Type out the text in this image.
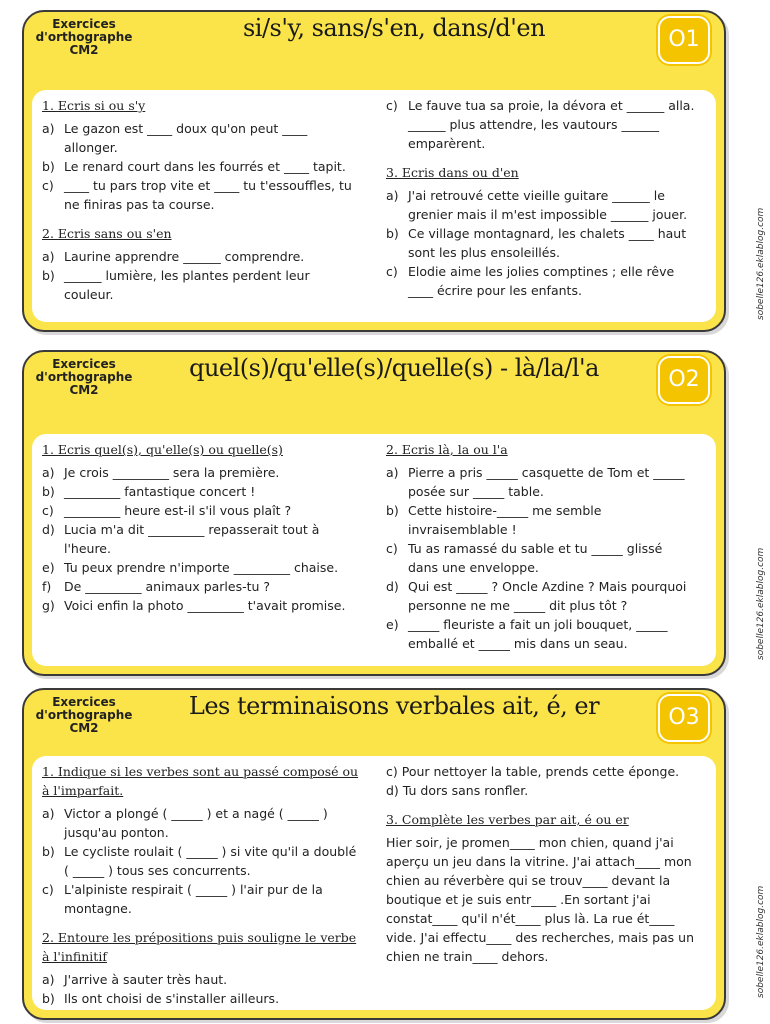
Exercices
d'orthographe
CM2
si/s'y, sans/s'en, dans/d'en	O1
1. Ecris si ou s'y
a) Le gazon est ____ doux qu'on peut ____ allonger.
b) Le renard court dans les fourrés et ____ tapit.
c) ____ tu pars trop vite et ____ tu t'essouffles, tu ne finiras pas ta course.
2. Ecris sans ou s'en
a) Laurine apprendre ______ comprendre.
b) ______ lumière, les plantes perdent leur couleur.
c) Le fauve tua sa proie, la dévora et ______ alla. ______ plus attendre, les vautours ______ emparèrent.
3. Ecris dans ou d'en
a) J'ai retrouvé cette vieille guitare ______ le grenier mais il m'est impossible ______ jouer.
b) Ce village montagnard, les chalets ____ haut sont les plus ensoleillés.
c) Elodie aime les jolies comptines ; elle rêve ____ écrire pour les enfants.	sobelle126.eklablog.com
Exercices
d'orthographe
CM2
quel(s)/qu'elle(s)/quelle(s) - là/la/l'a	O2
1. Ecris quel(s), qu'elle(s) ou quelle(s)
a) Je crois _________ sera la première.
b) _________ fantastique concert !
c) _________ heure est-il s'il vous plaît ?
d) Lucia m'a dit _________ repasserait tout à l'heure.
e) Tu peux prendre n'importe _________ chaise.
f)	De _________ animaux parles-tu ?
g) Voici enfin la photo _________ t'avait promise.
2. Ecris là, la ou l'a
a) Pierre a pris _____ casquette de Tom et _____ posée sur _____ table.
b) Cette histoire-_____ me semble invraisemblable !
c) Tu as ramassé du sable et tu _____ glissé dans une enveloppe.
d) Qui est _____ ? Oncle Azdine ? Mais pourquoi personne ne me _____ dit plus tôt ?
e) _____ fleuriste a fait un joli bouquet, _____ emballé et _____ mis dans un seau.	sobelle126.eklablog.com
Exercices
d'orthographe
CM2
Les terminaisons verbales ait, é, er	O3
1. Indique si les verbes sont au passé composé ou à l'imparfait.
a) Victor a plongé ( _____ ) et a nagé ( _____ ) jusqu'au ponton.
b) Le cycliste roulait ( _____ ) si vite qu'il a doublé ( _____ ) tous ses concurrents.
c) L'alpiniste respirait ( _____ ) l'air pur de la montagne.
2. Entoure les prépositions puis souligne le verbe à l'infinitif
a) J'arrive à sauter très haut.
b) Ils ont choisi de s'installer ailleurs.
c) Pour nettoyer la table, prends cette éponge.
d) Tu dors sans ronfler.
3. Complète les verbes par ait, é ou er
Hier soir, je promen____ mon chien, quand j'ai aperçu un jeu dans la vitrine. J'ai attach____ mon chien au réverbère qui se trouv____ devant la boutique et je suis entr____ .En sortant j'ai constat____ qu'il n'ét____ plus là. La rue ét____ vide. J'ai effectu____ des recherches, mais pas un chien ne train____ dehors.	sobelle126.eklablog.com
